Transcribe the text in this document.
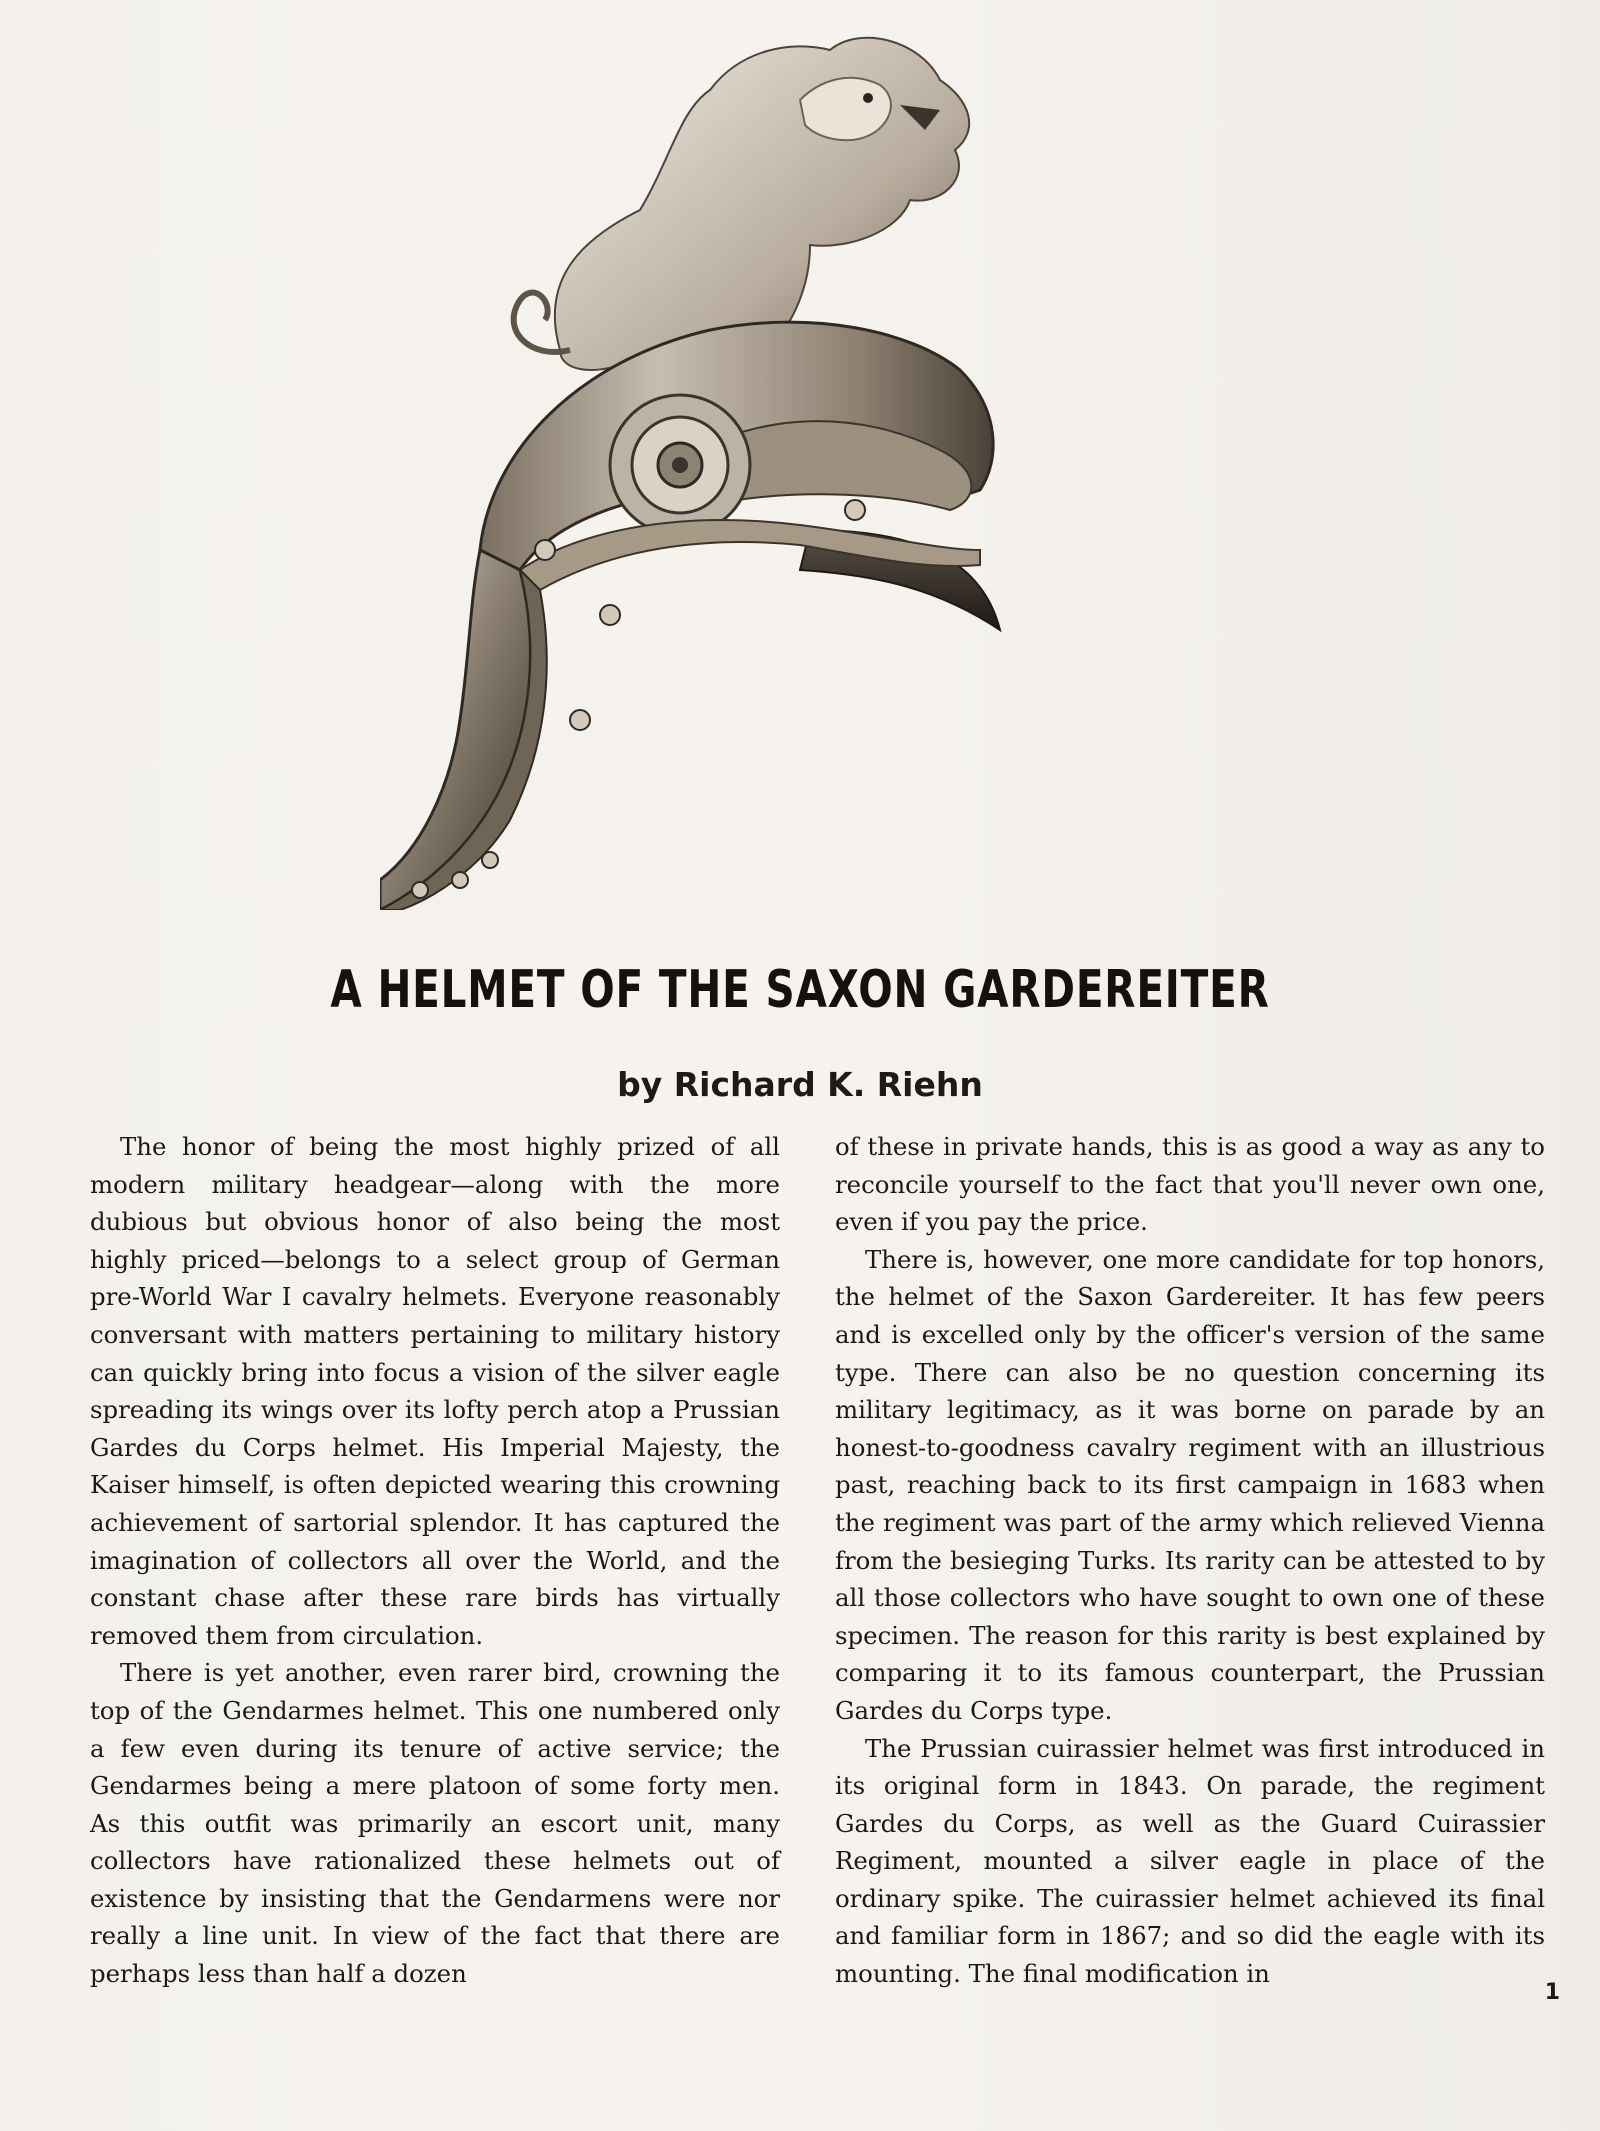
A HELMET OF THE SAXON GARDEREITER
by Richard K. Riehn

The honor of being the most highly prized of all modern military headgear—along with the more dubious but obvious honor of also being the most highly priced—belongs to a select group of German pre-World War I cavalry helmets. Everyone reasonably conversant with matters pertaining to military history can quickly bring into focus a vision of the silver eagle spreading its wings over its lofty perch atop a Prussian Gardes du Corps helmet. His Imperial Majesty, the Kaiser himself, is often depicted wearing this crowning achievement of sartorial splendor. It has captured the imagination of collectors all over the World, and the constant chase after these rare birds has virtually removed them from circulation.

There is yet another, even rarer bird, crowning the top of the Gendarmes helmet. This one numbered only a few even during its tenure of active service; the Gendarmes being a mere platoon of some forty men. As this outfit was primarily an escort unit, many collectors have rationalized these helmets out of existence by insisting that the Gendarmens were nor really a line unit. In view of the fact that there are perhaps less than half a dozen

of these in private hands, this is as good a way as any to reconcile yourself to the fact that you'll never own one, even if you pay the price.

There is, however, one more candidate for top honors, the helmet of the Saxon Gardereiter. It has few peers and is excelled only by the officer's version of the same type. There can also be no question concerning its military legitimacy, as it was borne on parade by an honest-to-goodness cavalry regiment with an illustrious past, reaching back to its first campaign in 1683 when the regiment was part of the army which relieved Vienna from the besieging Turks. Its rarity can be attested to by all those collectors who have sought to own one of these specimen. The reason for this rarity is best explained by comparing it to its famous counterpart, the Prussian Gardes du Corps type.

The Prussian cuirassier helmet was first introduced in its original form in 1843. On parade, the regiment Gardes du Corps, as well as the Guard Cuirassier Regiment, mounted a silver eagle in place of the ordinary spike. The cuirassier helmet achieved its final and familiar form in 1867; and so did the eagle with its mounting. The final modification in

1
